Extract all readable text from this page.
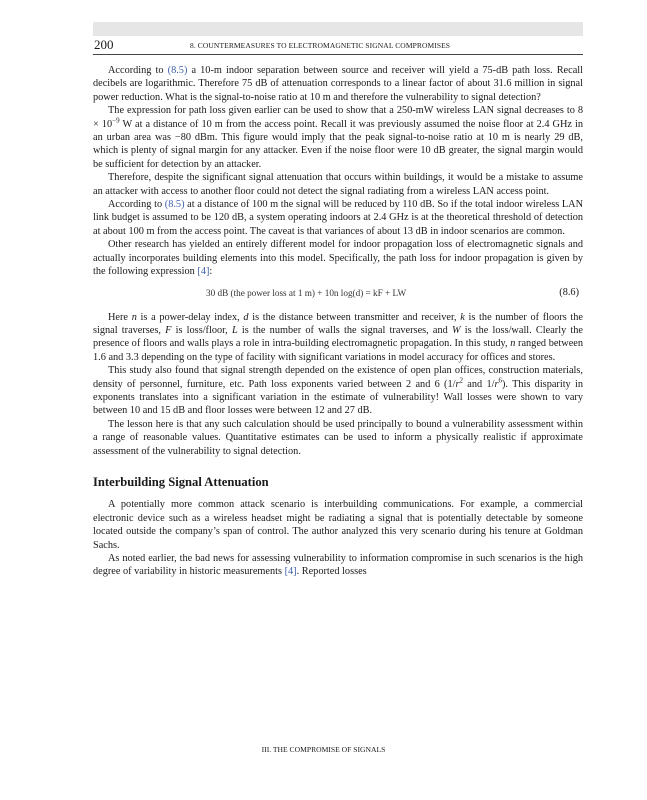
200	8. COUNTERMEASURES TO ELECTROMAGNETIC SIGNAL COMPROMISES

According to (8.5) a 10-m indoor separation between source and receiver will yield a 75-dB path loss. Recall decibels are logarithmic. Therefore 75 dB of attenuation corresponds to a linear factor of about 31.6 million in signal power reduction. What is the signal-to-noise ratio at 10 m and therefore the vulnerability to signal detection?

The expression for path loss given earlier can be used to show that a 250-mW wireless LAN signal decreases to $8 \times 10^{-9}$ W at a distance of 10 m from the access point. Recall it was previously assumed the noise floor at 2.4 GHz in an urban area was −80 dBm. This figure would imply that the peak signal-to-noise ratio at 10 m is nearly 29 dB, which is plenty of signal margin for any attacker. Even if the noise floor were 10 dB greater, the signal margin would be sufficient for detection by an attacker.

Therefore, despite the significant signal attenuation that occurs within buildings, it would be a mistake to assume an attacker with access to another floor could not detect the signal radiating from a wireless LAN access point.

According to (8.5) at a distance of 100 m the signal will be reduced by 110 dB. So if the total indoor wireless LAN link budget is assumed to be 120 dB, a system operating indoors at 2.4 GHz is at the theoretical threshold of detection at about 100 m from the access point. The caveat is that variances of about 13 dB in indoor scenarios are common.

Other research has yielded an entirely different model for indoor propagation loss of electromagnetic signals and actually incorporates building elements into this model. Specifically, the path loss for indoor propagation is given by the following expression [4]:

30 dB (the power loss at 1 m) + 10n log(d) = kF + LW	(8.6)

Here n is a power-delay index, d is the distance between transmitter and receiver, k is the number of floors the signal traverses, F is loss/floor, L is the number of walls the signal traverses, and W is the loss/wall. Clearly the presence of floors and walls plays a role in intra-building electromagnetic propagation. In this study, n ranged between 1.6 and 3.3 depending on the type of facility with significant variations in model accuracy for offices and stores.

This study also found that signal strength depended on the existence of open plan offices, construction materials, density of personnel, furniture, etc. Path loss exponents varied between 2 and 6 ($1/r^2$ and $1/r^6$). This disparity in exponents translates into a significant variation in the estimate of vulnerability! Wall losses were shown to vary between 10 and 15 dB and floor losses were between 12 and 27 dB.

The lesson here is that any such calculation should be used principally to bound a vulnerability assessment within a range of reasonable values. Quantitative estimates can be used to inform a physically realistic if approximate assessment of the vulnerability to signal detection.

Interbuilding Signal Attenuation

A potentially more common attack scenario is interbuilding communications. For example, a commercial electronic device such as a wireless headset might be radiating a signal that is potentially detectable by someone located outside the company’s span of control. The author analyzed this very scenario during his tenure at Goldman Sachs.

As noted earlier, the bad news for assessing vulnerability to information compromise in such scenarios is the high degree of variability in historic measurements [4]. Reported losses

III. THE COMPROMISE OF SIGNALS
